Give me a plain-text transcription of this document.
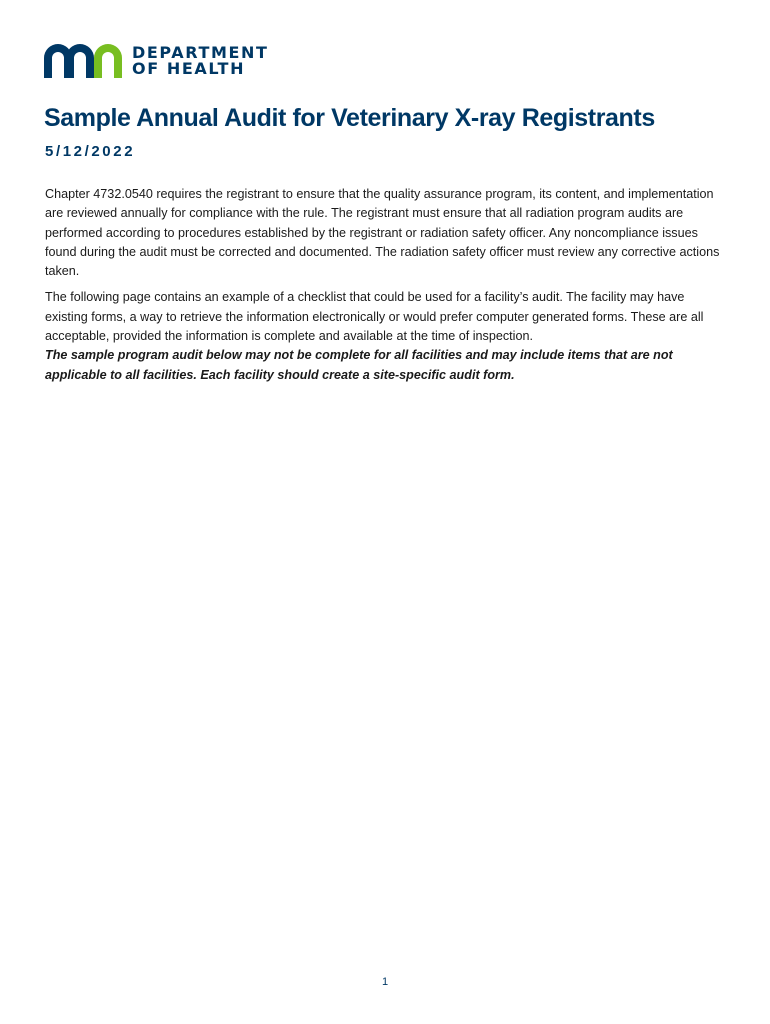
DEPARTMENT
OF HEALTH
Sample Annual Audit for Veterinary X-ray Registrants

5/12/2022

Chapter 4732.0540 requires the registrant to ensure that the quality assurance program, its content, and implementation are reviewed annually for compliance with the rule. The registrant must ensure that all radiation program audits are performed according to procedures established by the registrant or radiation safety officer. Any noncompliance issues found during the audit must be corrected and documented. The radiation safety officer must review any corrective actions taken.

The following page contains an example of a checklist that could be used for a facility’s audit. The facility may have existing forms, a way to retrieve the information electronically or would prefer computer generated forms. These are all acceptable, provided the information is complete and available at the time of inspection.

The sample program audit below may not be complete for all facilities and may include items that are not applicable to all facilities. Each facility should create a site-specific audit form.

1
